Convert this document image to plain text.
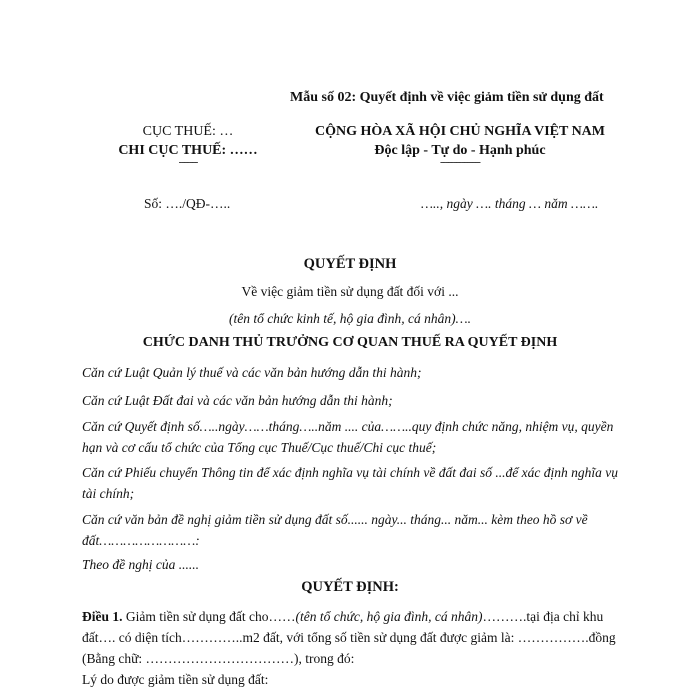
Mẫu số 02: Quyết định về việc giảm tiền sử dụng đất
CỤC THUẾ: …
CHI CỤC THUẾ: ……
-------
CỘNG HÒA XÃ HỘI CHỦ NGHĨA VIỆT NAM
Độc lập - Tự do - Hạnh phúc
---------------
Số: …./QĐ-…..	….., ngày …. tháng … năm …….
QUYẾT ĐỊNH
Về việc giảm tiền sử dụng đất đối với ...
(tên tổ chức kinh tế, hộ gia đình, cá nhân)….
CHỨC DANH THỦ TRƯỞNG CƠ QUAN THUẾ RA QUYẾT ĐỊNH
Căn cứ Luật Quản lý thuế và các văn bản hướng dẫn thi hành;
Căn cứ Luật Đất đai và các văn bản hướng dẫn thi hành;
Căn cứ Quyết định số…..ngày……tháng…..năm .... của……..quy định chức năng, nhiệm vụ, quyền hạn và cơ cấu tổ chức của Tổng cục Thuế/Cục thuế/Chi cục thuế;
Căn cứ Phiếu chuyển Thông tin để xác định nghĩa vụ tài chính về đất đai số ...để xác định nghĩa vụ tài chính;
Căn cứ văn bản đề nghị giảm tiền sử dụng đất số...... ngày... tháng... năm... kèm theo hồ sơ về đất……………………:
Theo đề nghị của ......
QUYẾT ĐỊNH:
Điều 1. Giảm tiền sử dụng đất cho……(tên tổ chức, hộ gia đình, cá nhân)……….tại địa chỉ khu đất…. có diện tích…………..m2 đất, với tổng số tiền sử dụng đất được giảm là: …………….đồng (Bằng chữ: ……………………………), trong đó:
Lý do được giảm tiền sử dụng đất:
